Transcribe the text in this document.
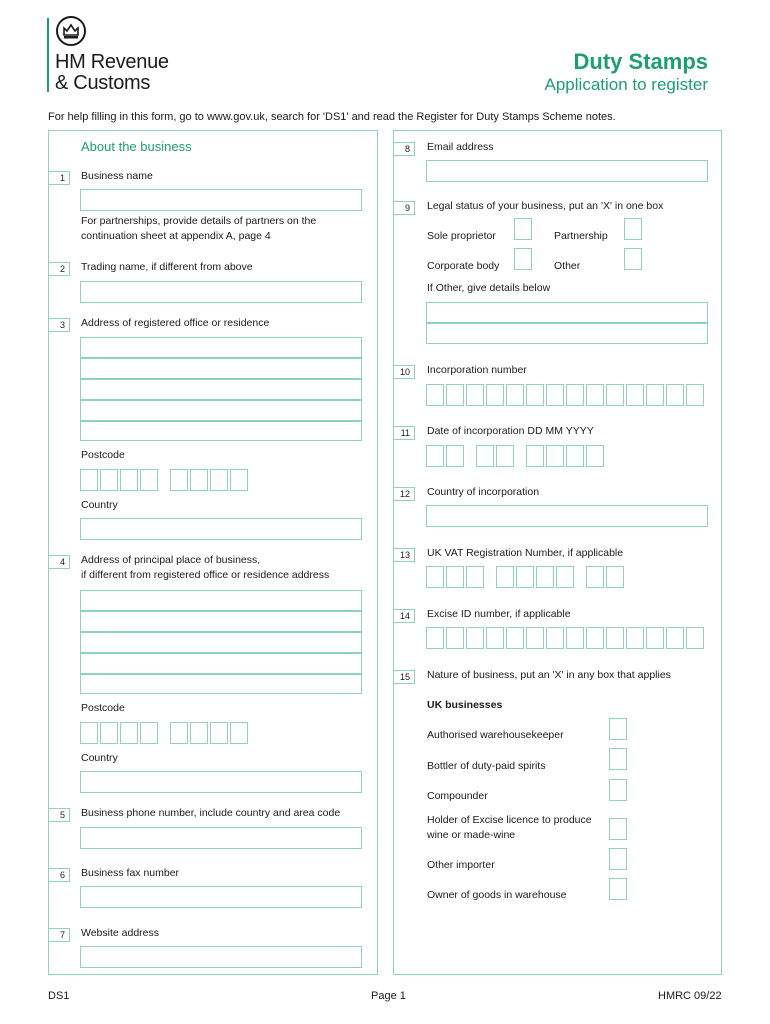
HM Revenue
& Customs
Duty Stamps
Application to register
For help filling in this form, go to www.gov.uk, search for 'DS1' and read the Register for Duty Stamps Scheme notes.
About the business
1	Business name
For partnerships, provide details of partners on the
continuation sheet at appendix A, page 4
2	Trading name, if different from above
3	Address of registered office or residence
Postcode
Country
4	Address of principal place of business,
if different from registered office or residence address
Postcode
Country
5	Business phone number, include country and area code
6	Business fax number
7	Website address
8	Email address
9	Legal status of your business, put an 'X' in one box
Sole proprietor	Partnership
Corporate body	Other
If Other, give details below
10	Incorporation number
11	Date of incorporation DD MM YYYY
12	Country of incorporation
13	UK VAT Registration Number, if applicable
14	Excise ID number, if applicable
15	Nature of business, put an 'X' in any box that applies
UK businesses
Authorised warehousekeeper
Bottler of duty-paid spirits
Compounder
Holder of Excise licence to produce
wine or made-wine
Other importer
Owner of goods in warehouse
DS1	Page 1	HMRC 09/22
